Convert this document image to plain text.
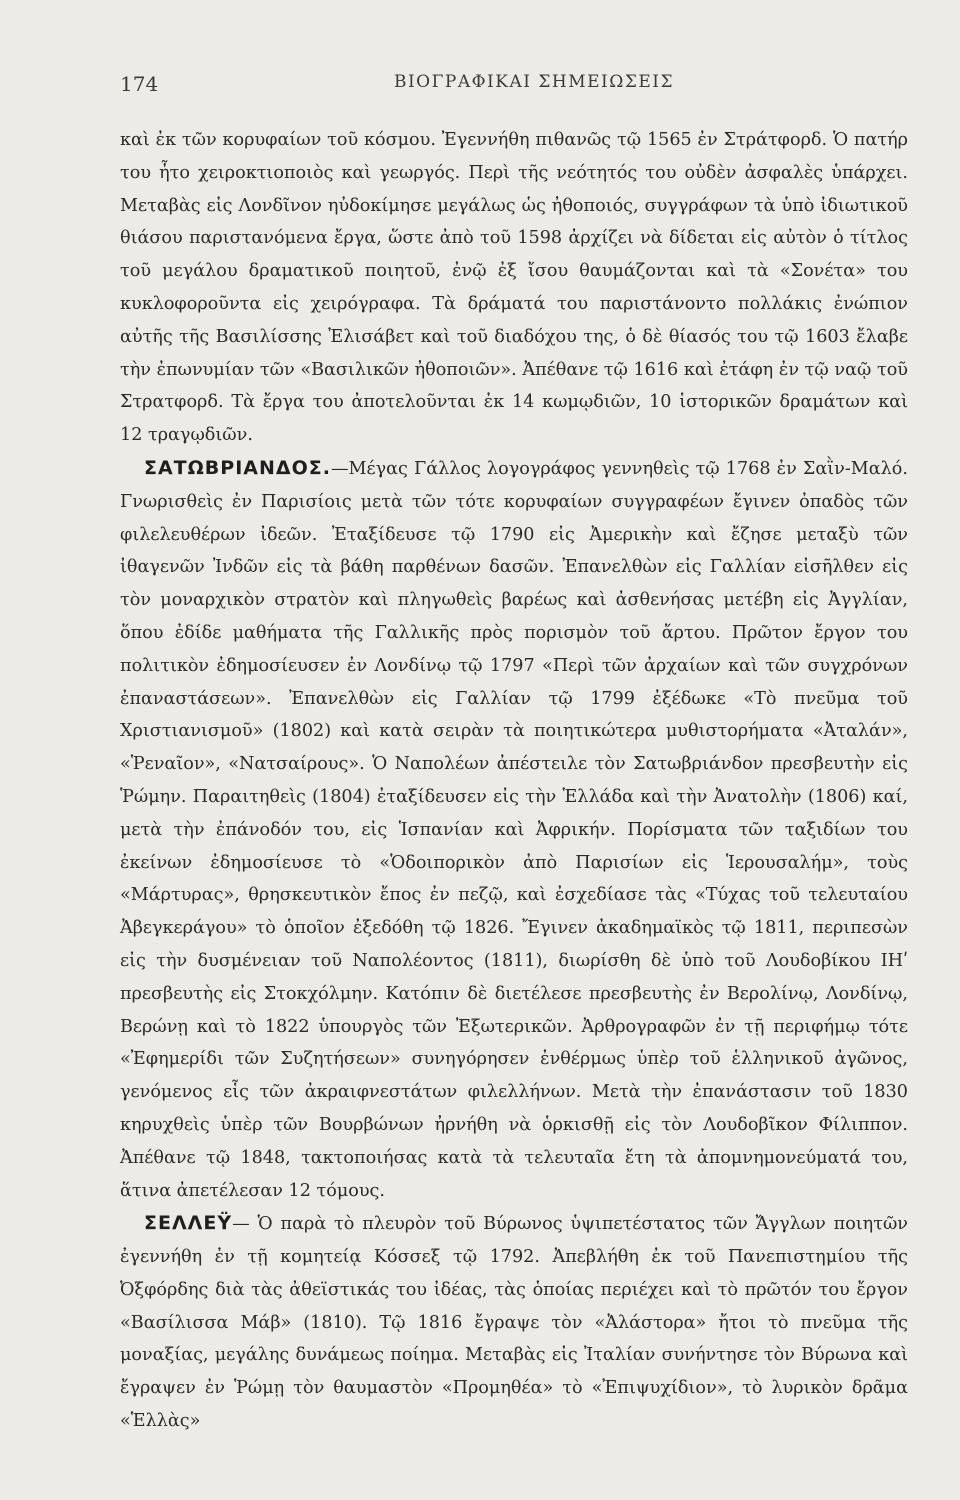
174	ΒΙΟΓΡΑΦΙΚΑΙ ΣΗΜΕΙΩΣΕΙΣ

καὶ ἐκ τῶν κορυφαίων τοῦ κόσμου. Ἐγεννήθη πιθανῶς τῷ 1565 ἐν Στράτφορδ. Ὁ πατήρ του ἦτο χειροκτιοποιὸς καὶ γεωργός. Περὶ τῆς νεότητός του οὐδὲν ἀσφαλὲς ὑπάρχει. Μεταβὰς εἰς Λονδῖνον ηὐδοκίμησε μεγάλως ὡς ἠθοποιός, συγγράφων τὰ ὑπὸ ἰδιωτικοῦ θιάσου παριστανόμενα ἔργα, ὥστε ἀπὸ τοῦ 1598 ἀρχίζει νὰ δίδεται εἰς αὐτὸν ὁ τίτλος τοῦ μεγάλου δραματικοῦ ποιητοῦ, ἐνῷ ἐξ ἴσου θαυμάζονται καὶ τὰ «Σονέτα» του κυκλοφοροῦντα εἰς χειρόγραφα. Τὰ δράματά του παριστάνοντο πολλάκις ἐνώπιον αὐτῆς τῆς Βασιλίσσης Ἐλισάβετ καὶ τοῦ διαδόχου της, ὁ δὲ θίασός του τῷ 1603 ἔλαβε τὴν ἐπωνυμίαν τῶν «Βασιλικῶν ἠθοποιῶν». Ἀπέθανε τῷ 1616 καὶ ἐτάφη ἐν τῷ ναῷ τοῦ Στρατφορδ. Τὰ ἔργα του ἀποτελοῦνται ἐκ 14 κωμῳδιῶν, 10 ἱστορικῶν δραμάτων καὶ 12 τραγῳδιῶν.

ΣΑΤΩΒΡΙΑΝΔΟΣ.—Μέγας Γάλλος λογογράφος γεννηθεὶς τῷ 1768 ἐν Σαῒν-Μαλό. Γνωρισθεὶς ἐν Παρισίοις μετὰ τῶν τότε κορυφαίων συγγραφέων ἔγινεν ὀπαδὸς τῶν φιλελευθέρων ἰδεῶν. Ἐταξίδευσε τῷ 1790 εἰς Ἀμερικὴν καὶ ἔζησε μεταξὺ τῶν ἰθαγενῶν Ἰνδῶν εἰς τὰ βάθη παρθένων δασῶν. Ἐπανελθὼν εἰς Γαλλίαν εἰσῆλθεν εἰς τὸν μοναρχικὸν στρατὸν καὶ πληγωθεὶς βαρέως καὶ ἀσθενήσας μετέβη εἰς Ἀγγλίαν, ὅπου ἐδίδε μαθήματα τῆς Γαλλικῆς πρὸς πορισμὸν τοῦ ἄρτου. Πρῶτον ἔργον του πολιτικὸν ἐδημοσίευσεν ἐν Λονδίνῳ τῷ 1797 «Περὶ τῶν ἀρχαίων καὶ τῶν συγχρόνων ἐπαναστάσεων». Ἐπανελθὼν εἰς Γαλλίαν τῷ 1799 ἐξέδωκε «Τὸ πνεῦμα τοῦ Χριστιανισμοῦ» (1802) καὶ κατὰ σειρὰν τὰ ποιητικώτερα μυθιστορήματα «Ἀταλάν», «Ῥεναῖον», «Νατσαίρους». Ὁ Ναπολέων ἀπέστειλε τὸν Σατωβριάνδον πρεσβευτὴν εἰς Ῥώμην. Παραιτηθεὶς (1804) ἐταξίδευσεν εἰς τὴν Ἑλλάδα καὶ τὴν Ἀνατολὴν (1806) καί, μετὰ τὴν ἐπάνοδόν του, εἰς Ἱσπανίαν καὶ Ἀφρικήν. Πορίσματα τῶν ταξιδίων του ἐκείνων ἐδημοσίευσε τὸ «Ὁδοιπορικὸν ἀπὸ Παρισίων εἰς Ἱερουσαλήμ», τοὺς «Μάρτυρας», θρησκευτικὸν ἔπος ἐν πεζῷ, καὶ ἐσχεδίασε τὰς «Τύχας τοῦ τελευταίου Ἀβεγκεράγου» τὸ ὁποῖον ἐξεδόθη τῷ 1826. Ἔγινεν ἀκαδημαϊκὸς τῷ 1811, περιπεσὼν εἰς τὴν δυσμένειαν τοῦ Ναπολέοντος (1811), διωρίσθη δὲ ὑπὸ τοῦ Λουδοβίκου ΙΗʹ πρεσβευτὴς εἰς Στοκχόλμην. Κατόπιν δὲ διετέλεσε πρεσβευτὴς ἐν Βερολίνῳ, Λονδίνῳ, Βερώνῃ καὶ τὸ 1822 ὑπουργὸς τῶν Ἐξωτερικῶν. Ἀρθρογραφῶν ἐν τῇ περιφήμῳ τότε «Ἐφημερίδι τῶν Συζητήσεων» συνηγόρησεν ἐνθέρμως ὑπὲρ τοῦ ἑλληνικοῦ ἀγῶνος, γενόμενος εἷς τῶν ἀκραιφνεστάτων φιλελλήνων. Μετὰ τὴν ἐπανάστασιν τοῦ 1830 κηρυχθεὶς ὑπὲρ τῶν Βουρβώνων ἠρνήθη νὰ ὁρκισθῇ εἰς τὸν Λουδοβῖκον Φίλιππον. Ἀπέθανε τῷ 1848, τακτοποιήσας κατὰ τὰ τελευταῖα ἔτη τὰ ἀπομνημονεύματά του, ἅτινα ἀπετέλεσαν 12 τόμους.

ΣΕΛΛΕΫ— Ὁ παρὰ τὸ πλευρὸν τοῦ Βύρωνος ὑψιπετέστατος τῶν Ἄγγλων ποιητῶν ἐγεννήθη ἐν τῇ κομητείᾳ Κόσσεξ τῷ 1792. Ἀπεβλήθη ἐκ τοῦ Πανεπιστημίου τῆς Ὀξφόρδης διὰ τὰς ἀθεϊστικάς του ἰδέας, τὰς ὁποίας περιέχει καὶ τὸ πρῶτόν του ἔργον «Βασίλισσα Μάβ» (1810). Τῷ 1816 ἔγραψε τὸν «Ἀλάστορα» ἤτοι τὸ πνεῦμα τῆς μοναξίας, μεγάλης δυνάμεως ποίημα. Μεταβὰς εἰς Ἰταλίαν συνήντησε τὸν Βύρωνα καὶ ἔγραψεν ἐν Ῥώμῃ τὸν θαυμαστὸν «Προμηθέα» τὸ «Ἐπιψυχίδιον», τὸ λυρικὸν δρᾶμα «Ἑλλὰς»
